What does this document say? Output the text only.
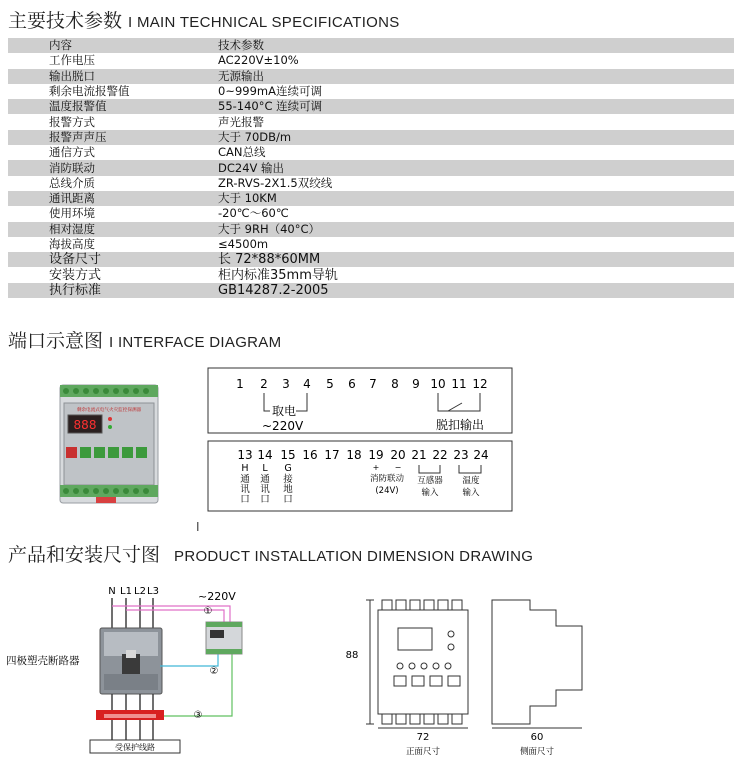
主要技术参数 I MAIN TECHNICAL SPECIFICATIONS
内容	技术参数
工作电压	AC220V±10%
输出脱口	无源输出
剩余电流报警值	0~999mA连续可调
温度报警值	55-140°C 连续可调
报警方式	声光报警
报警声声压	大于 70DB/m
通信方式	CAN总线
消防联动	DC24V 输出
总线介质	ZR-RVS-2X1.5双绞线
通讯距离	大于 10KM
使用环境	-20℃～60℃
相对湿度	大于 9RH（40°C）
海拔高度	≤4500m
设备尺寸	长 72*88*60MM
安装方式	柜内标准35mm导轨
执行标准	GB14287.2-2005
端口示意图 I INTERFACE DIAGRAM
剩余电流式电气火灾监控探测器
888
1 2 3 4 5 6 7 8 9 10 11 12
取电
~220V	脱扣输出
13 14 15 16 17 18 19 20 21 22 23 24
H
通
讯
口
L
通
讯
口
G
接
地
口
+ −
消防联动
(24V)
互感器
输入
温度
输入
I
产品和安装尺寸图 PRODUCT INSTALLATION DIMENSION DRAWING
N L1 L2 L3
受保护线路
四极塑壳断路器
~220V
①
②
③
88
72
正面尺寸
60
侧面尺寸
